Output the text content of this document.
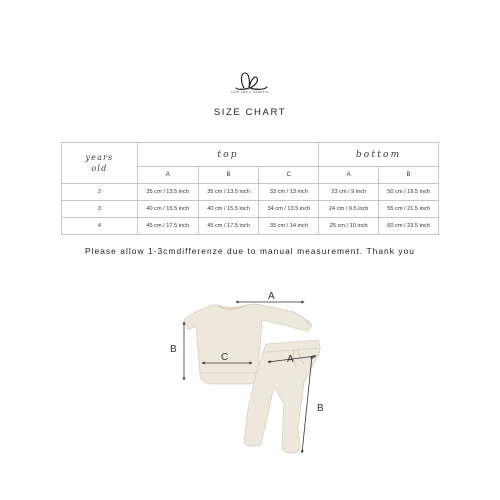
MADE WITH
LOVE AND A HANDFUL
SIZE CHART
years
old	top			bottom	
	A	B	C	A	B
2	35 cm / 13.5 inch	35 cm / 13.5 inch	33 cm / 13 inch	23 cm / 9 inch	50 cm / 19.5 inch
3	40 cm / 15.5 inch	40 cm / 15.5 inch	34 cm / 13.5 inch	24 cm / 9.5 inch	55 cm / 21.5 inch
4	45 cm / 17.5 inch	45 cm / 17.5 inch	35 cm / 14 inch	25 cm / 10 inch	60 cm / 23.5 inch
Please allow 1-3cmdifferenze due to manual measurement. Thank you
A
B
C	A
B
